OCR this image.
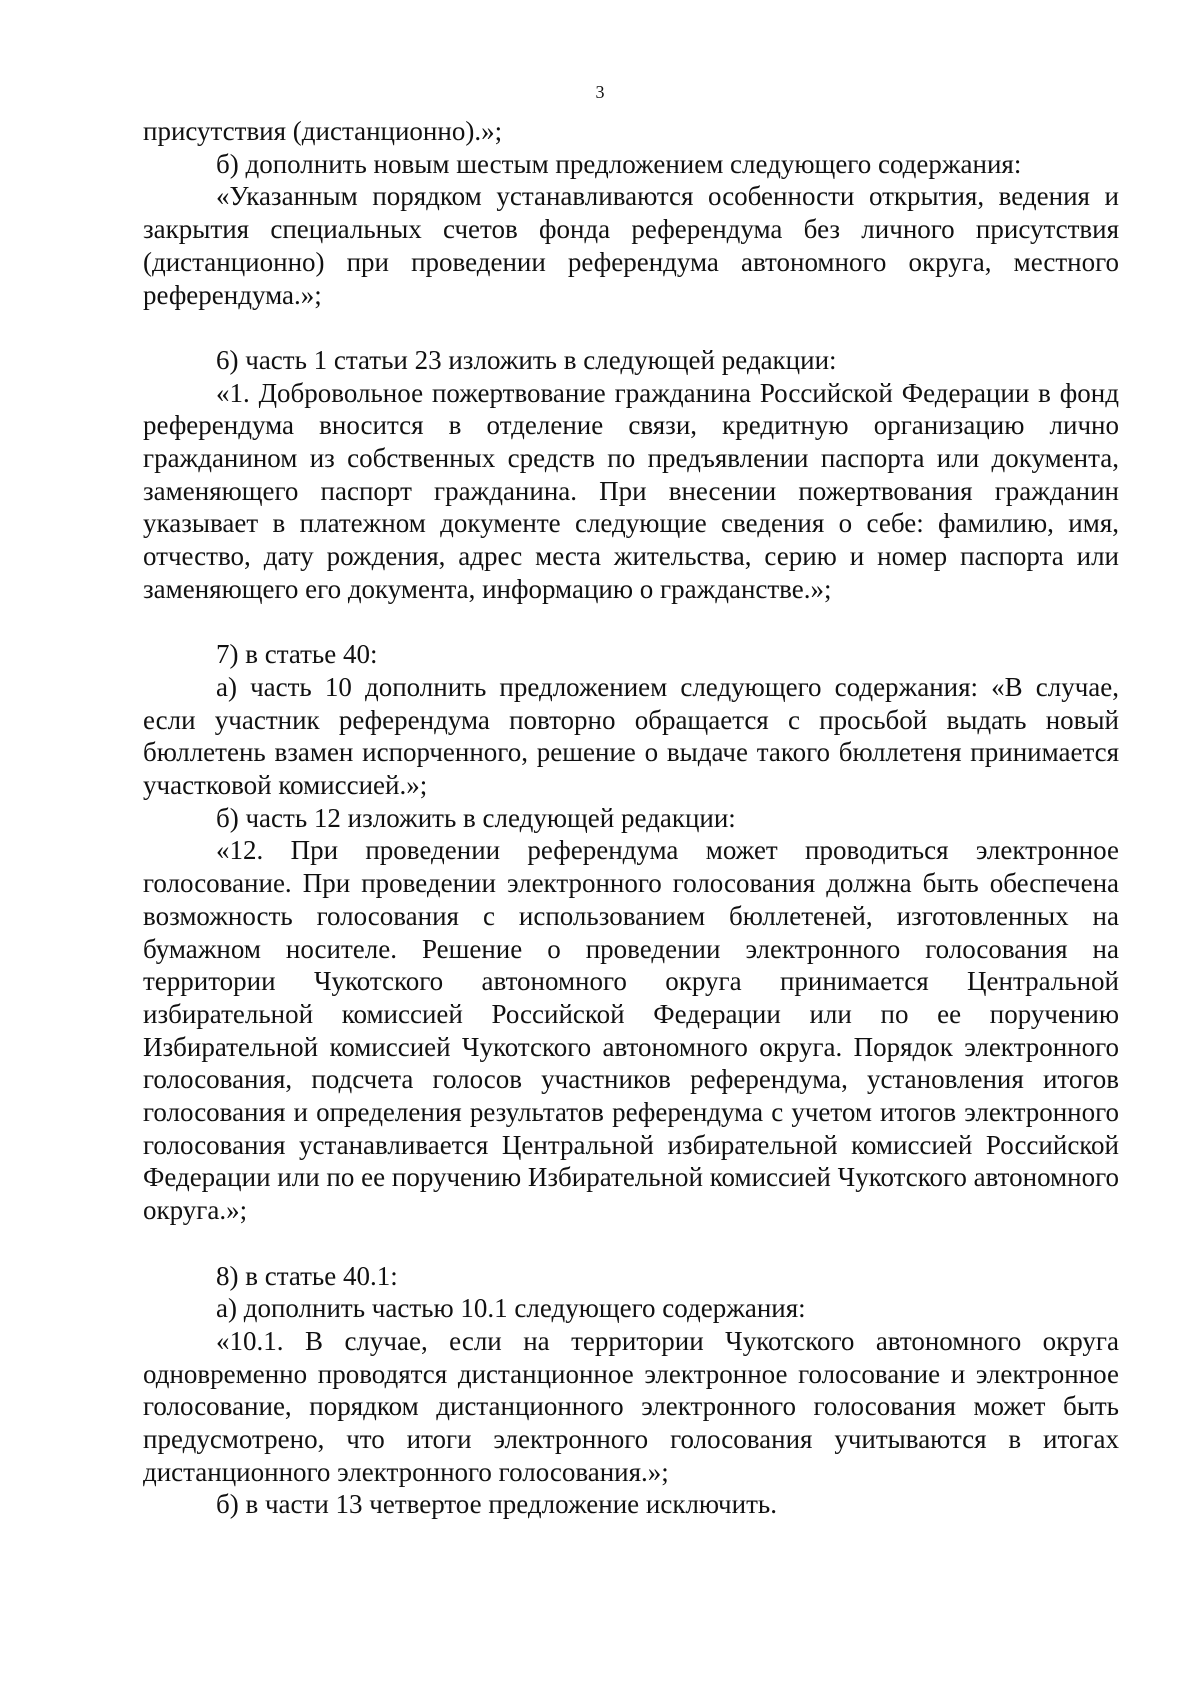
3

присутствия (дистанционно).»;

б) дополнить новым шестым предложением следующего содержания:

«Указанным порядком устанавливаются особенности открытия, ведения и закрытия специальных счетов фонда референдума без личного присутствия (дистанционно) при проведении референдума автономного округа, местного референдума.»;

6) часть 1 статьи 23 изложить в следующей редакции:

«1. Добровольное пожертвование гражданина Российской Федерации в фонд референдума вносится в отделение связи, кредитную организацию лично гражданином из собственных средств по предъявлении паспорта или документа, заменяющего паспорт гражданина. При внесении пожертвования гражданин указывает в платежном документе следующие сведения о себе: фамилию, имя, отчество, дату рождения, адрес места жительства, серию и номер паспорта или заменяющего его документа, информацию о гражданстве.»;

7) в статье 40:

а) часть 10 дополнить предложением следующего содержания: «В случае, если участник референдума повторно обращается с просьбой выдать новый бюллетень взамен испорченного, решение о выдаче такого бюллетеня принимается участковой комиссией.»;

б) часть 12 изложить в следующей редакции:

«12. При проведении референдума может проводиться электронное голосование. При проведении электронного голосования должна быть обеспечена возможность голосования с использованием бюллетеней, изготовленных на бумажном носителе. Решение о проведении электронного голосования на территории Чукотского автономного округа принимается Центральной избирательной комиссией Российской Федерации или по ее поручению Избирательной комиссией Чукотского автономного округа. Порядок электронного голосования, подсчета голосов участников референдума, установления итогов голосования и определения результатов референдума с учетом итогов электронного голосования устанавливается Центральной избирательной комиссией Российской Федерации или по ее поручению Избирательной комиссией Чукотского автономного округа.»;

8) в статье 40.1:

а) дополнить частью 10.1 следующего содержания:

«10.1. В случае, если на территории Чукотского автономного округа одновременно проводятся дистанционное электронное голосование и электронное голосование, порядком дистанционного электронного голосования может быть предусмотрено, что итоги электронного голосования учитываются в итогах дистанционного электронного голосования.»;

б) в части 13 четвертое предложение исключить.
